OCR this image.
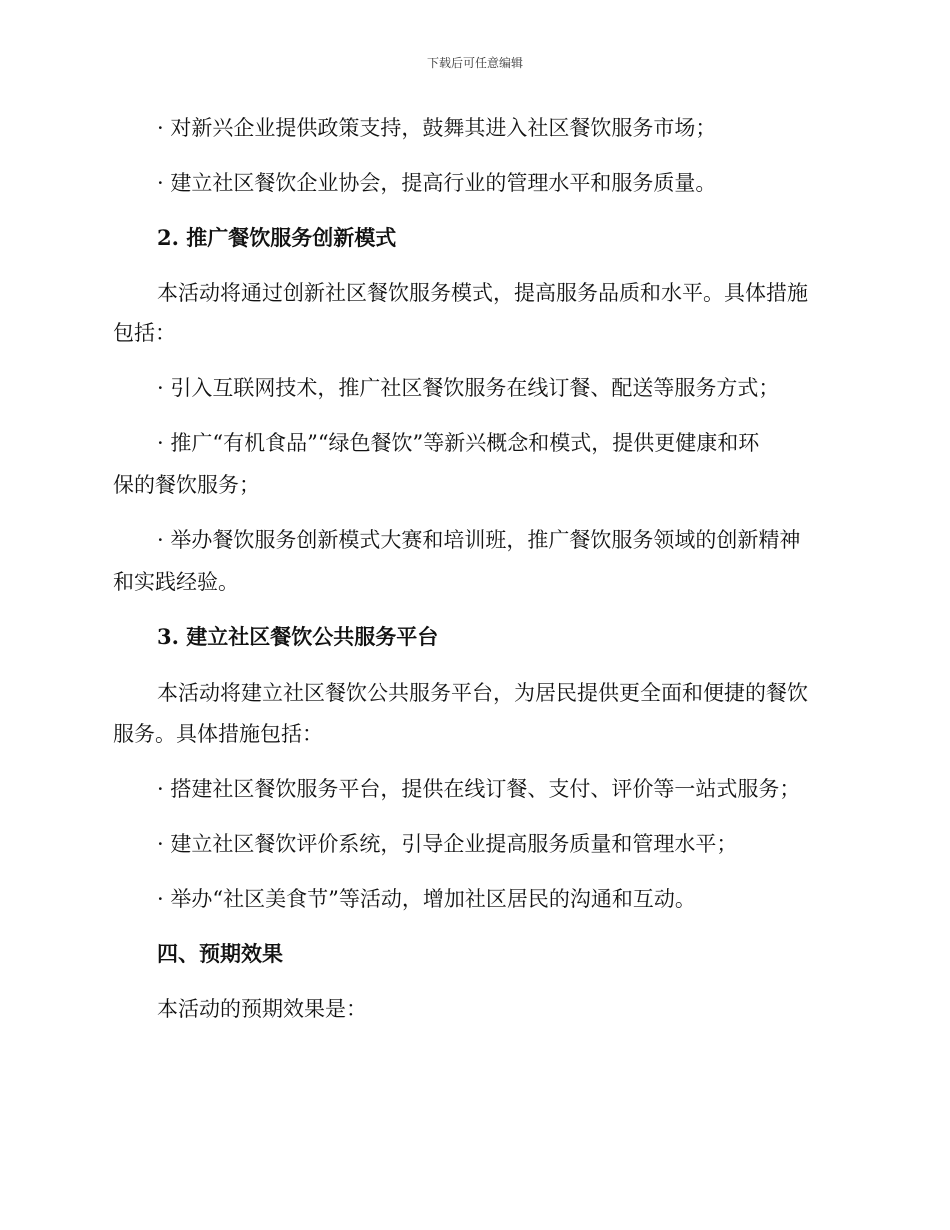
下载后可任意编辑
· 对新兴企业提供政策支持，鼓舞其进入社区餐饮服务市场；
· 建立社区餐饮企业协会，提高行业的管理水平和服务质量。
2. 推广餐饮服务创新模式
本活动将通过创新社区餐饮服务模式，提高服务品质和水平。具体措施
包括：
· 引入互联网技术，推广社区餐饮服务在线订餐、配送等服务方式；
· 推广“有机食品”“绿色餐饮”等新兴概念和模式，提供更健康和环
保的餐饮服务；
· 举办餐饮服务创新模式大赛和培训班，推广餐饮服务领域的创新精神
和实践经验。
3. 建立社区餐饮公共服务平台
本活动将建立社区餐饮公共服务平台，为居民提供更全面和便捷的餐饮
服务。具体措施包括：
· 搭建社区餐饮服务平台，提供在线订餐、支付、评价等一站式服务；
· 建立社区餐饮评价系统，引导企业提高服务质量和管理水平；
· 举办“社区美食节”等活动，增加社区居民的沟通和互动。
四、预期效果
本活动的预期效果是：
